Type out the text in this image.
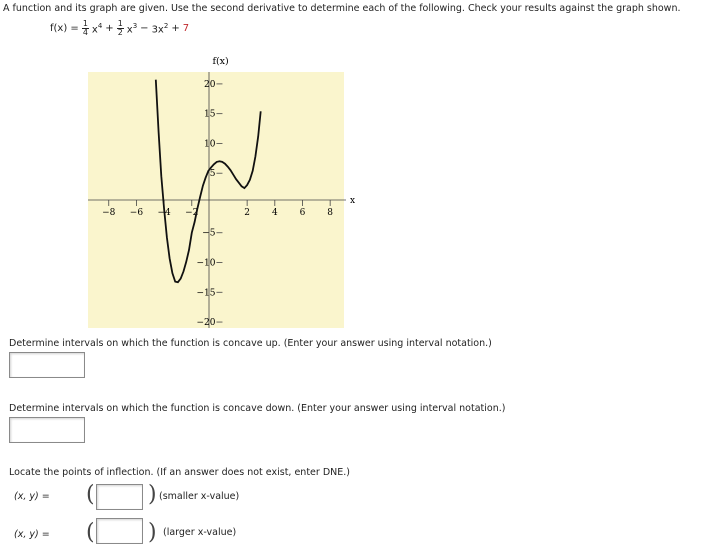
A function and its graph are given. Use the second derivative to determine each of the following. Check your results against the graph shown.
$f(x) = \frac{1}{4} x^4 + \frac{1}{2} x^3 - 3x^2 + 7$
f(x)
x
−8 −6 −4 −2	2 4 6 8
20
15
10
5
−5
−10
−15
−20
Determine intervals on which the function is concave up. (Enter your answer using interval notation.)
Determine intervals on which the function is concave down. (Enter your answer using interval notation.)
Locate the points of inflection. (If an answer does not exist, enter DNE.)
(x, y) = ( ) (smaller x-value)
(x, y) = ( ) (larger x-value)
